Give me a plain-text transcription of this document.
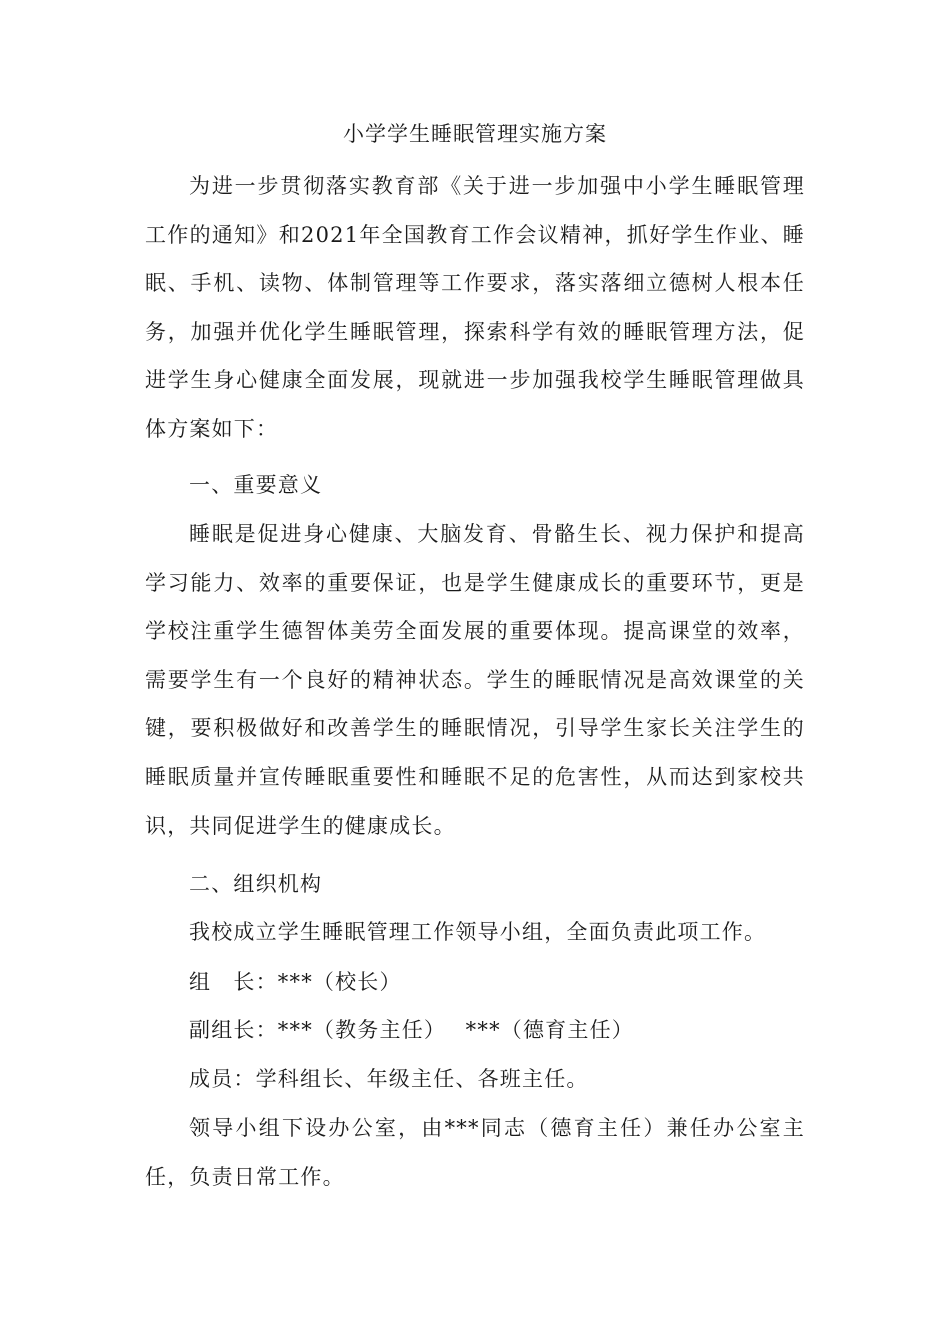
小学学生睡眠管理实施方案

为进一步贯彻落实教育部《关于进一步加强中小学生睡眠管理工作的通知》和2021年全国教育工作会议精神，抓好学生作业、睡眠、手机、读物、体制管理等工作要求，落实落细立德树人根本任务，加强并优化学生睡眠管理，探索科学有效的睡眠管理方法，促进学生身心健康全面发展，现就进一步加强我校学生睡眠管理做具体方案如下：

一、重要意义

睡眠是促进身心健康、大脑发育、骨骼生长、视力保护和提高学习能力、效率的重要保证，也是学生健康成长的重要环节，更是学校注重学生德智体美劳全面发展的重要体现。提高课堂的效率，需要学生有一个良好的精神状态。学生的睡眠情况是高效课堂的关键，要积极做好和改善学生的睡眠情况，引导学生家长关注学生的睡眠质量并宣传睡眠重要性和睡眠不足的危害性，从而达到家校共识，共同促进学生的健康成长。

二、组织机构
我校成立学生睡眠管理工作领导小组，全面负责此项工作。
组　长：***（校长）
副组长：***（教务主任）　 ***（德育主任）
成员：学科组长、年级主任、各班主任。

领导小组下设办公室，由***同志（德育主任）兼任办公室主任，负责日常工作。
